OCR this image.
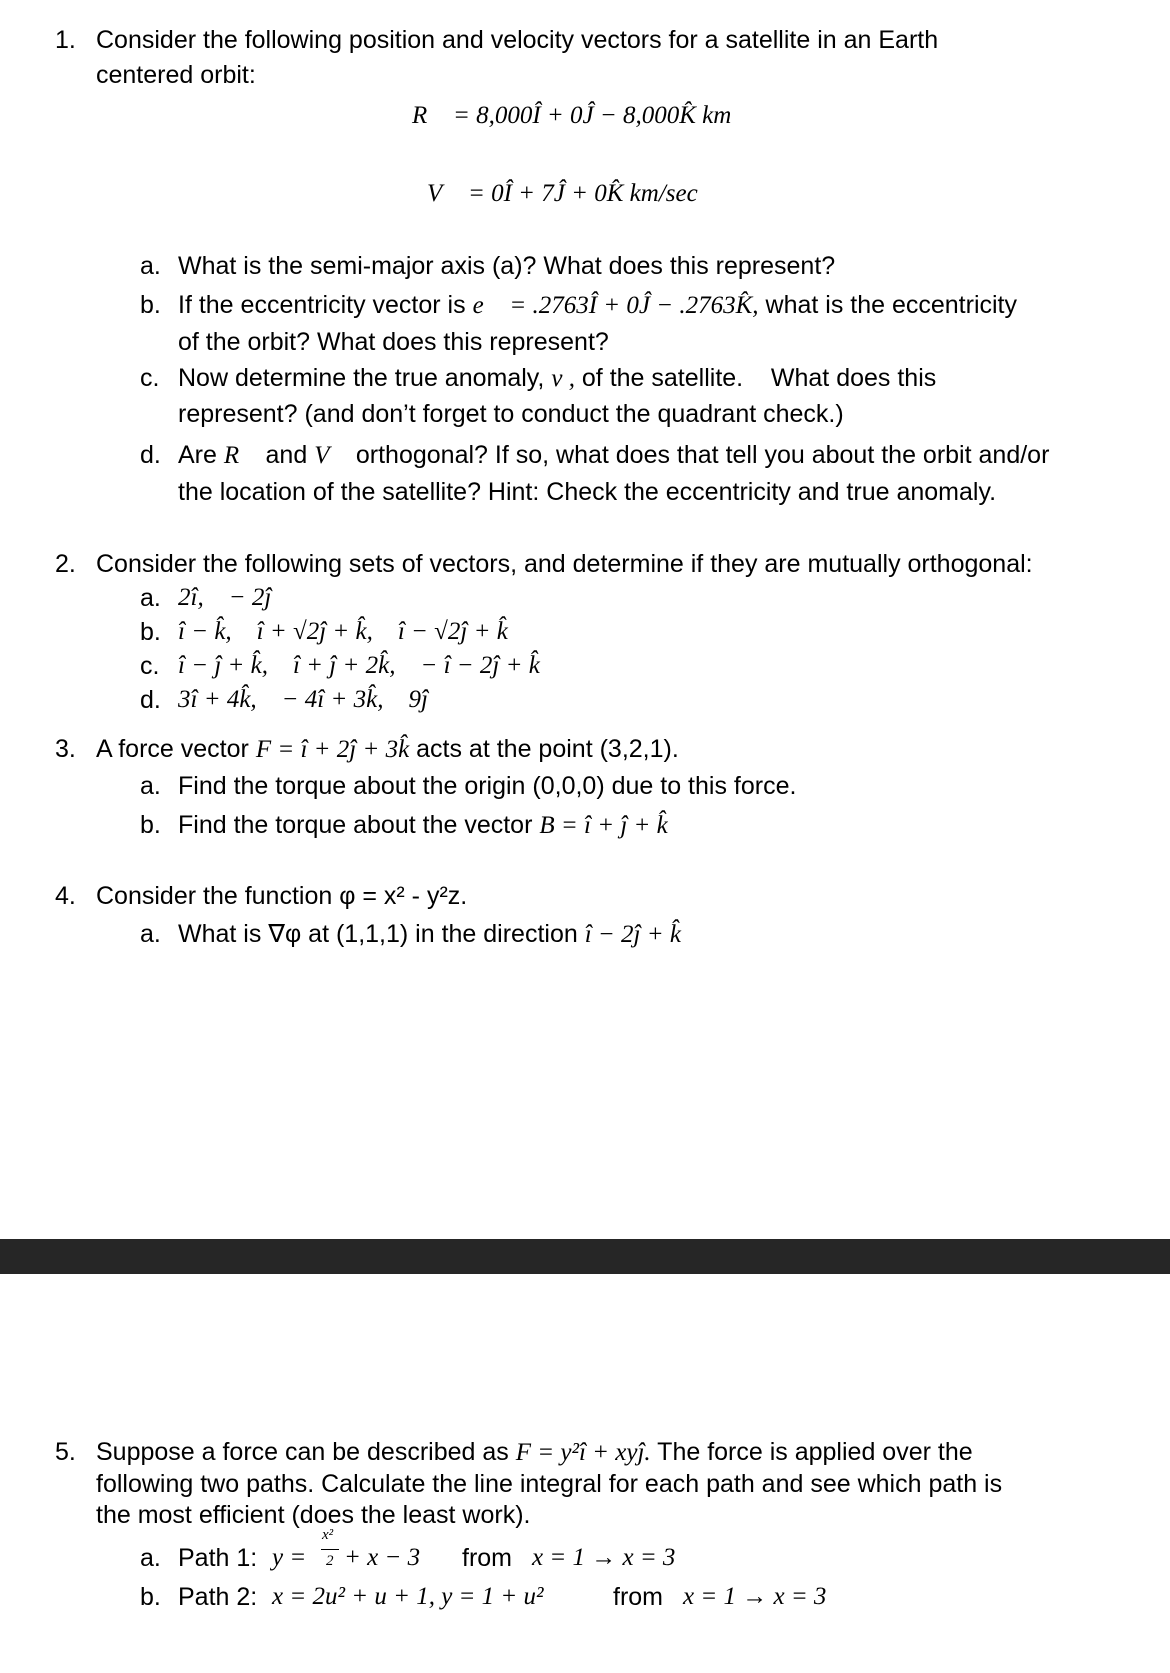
1. Consider the following position and velocity vectors for a satellite in an Earth
centered orbit:
R⃗ = 8,000Î + 0Ĵ − 8,000K̂ km
V⃗ = 0Î + 7Ĵ + 0K̂ km/sec
a. What is the semi-major axis (a)? What does this represent?
b. If the eccentricity vector is e⃗ = .2763Î + 0Ĵ − .2763K̂, what is the eccentricity
of the orbit? What does this represent?
c. Now determine the true anomaly, v , of the satellite.    What does this
represent? (and don’t forget to conduct the quadrant check.)
d. Are R⃗ and V⃗ orthogonal? If so, what does that tell you about the orbit and/or
the location of the satellite? Hint: Check the eccentricity and true anomaly.
2. Consider the following sets of vectors, and determine if they are mutually orthogonal:
a. 2î,    − 2ĵ
b. î − k̂,    î + √2ĵ + k̂,    î − √2ĵ + k̂
c. î − ĵ + k̂,    î + ĵ + 2k̂,    − î − 2ĵ + k̂
d. 3î + 4k̂,    − 4î + 3k̂,    9ĵ
3. A force vector F = î + 2ĵ + 3k̂ acts at the point (3,2,1).
a. Find the torque about the origin (0,0,0) due to this force.
b. Find the torque about the vector B = î + ĵ + k̂
4. Consider the function φ = x² - y²z.
a. What is ∇φ at (1,1,1) in the direction î − 2ĵ + k̂
5. Suppose a force can be described as F = y²î + xyĵ. The force is applied over the
following two paths. Calculate the line integral for each path and see which path is
the most efficient (does the least work).
a. Path 1: y =
x²
2 + x − 3 from x = 1 → x = 3
b. Path 2: x = 2u² + u + 1, y = 1 + u²	from x = 1 → x = 3
